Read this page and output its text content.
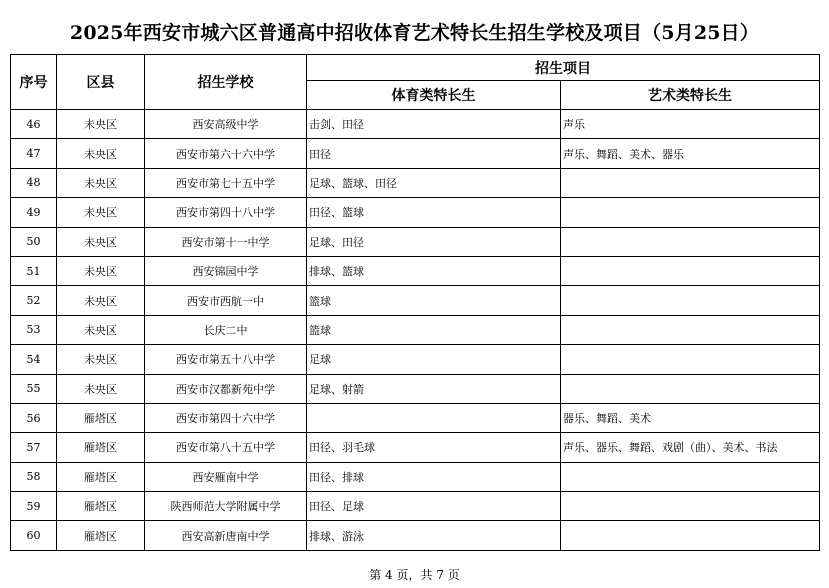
2025年西安市城六区普通高中招收体育艺术特长生招生学校及项目（5月25日）
序号	区县	招生学校	招生项目	
			体育类特长生	艺术类特长生
46	未央区	西安高级中学	击剑、田径	声乐
47	未央区	西安市第六十六中学	田径	声乐、舞蹈、美术、器乐
48	未央区	西安市第七十五中学	足球、篮球、田径	
49	未央区	西安市第四十八中学	田径、篮球	
50	未央区	西安市第十一中学	足球、田径	
51	未央区	西安锦园中学	排球、篮球	
52	未央区	西安市西航一中	篮球	
53	未央区	长庆二中	篮球	
54	未央区	西安市第五十八中学	足球	
55	未央区	西安市汉都新苑中学	足球、射箭	
56	雁塔区	西安市第四十六中学		器乐、舞蹈、美术
57	雁塔区	西安市第八十五中学	田径、羽毛球	声乐、器乐、舞蹈、戏剧（曲）、美术、书法
58	雁塔区	西安雁南中学	田径、排球	
59	雁塔区	陕西师范大学附属中学	田径、足球	
60	雁塔区	西安高新唐南中学	排球、游泳	
第 4 页，共 7 页
